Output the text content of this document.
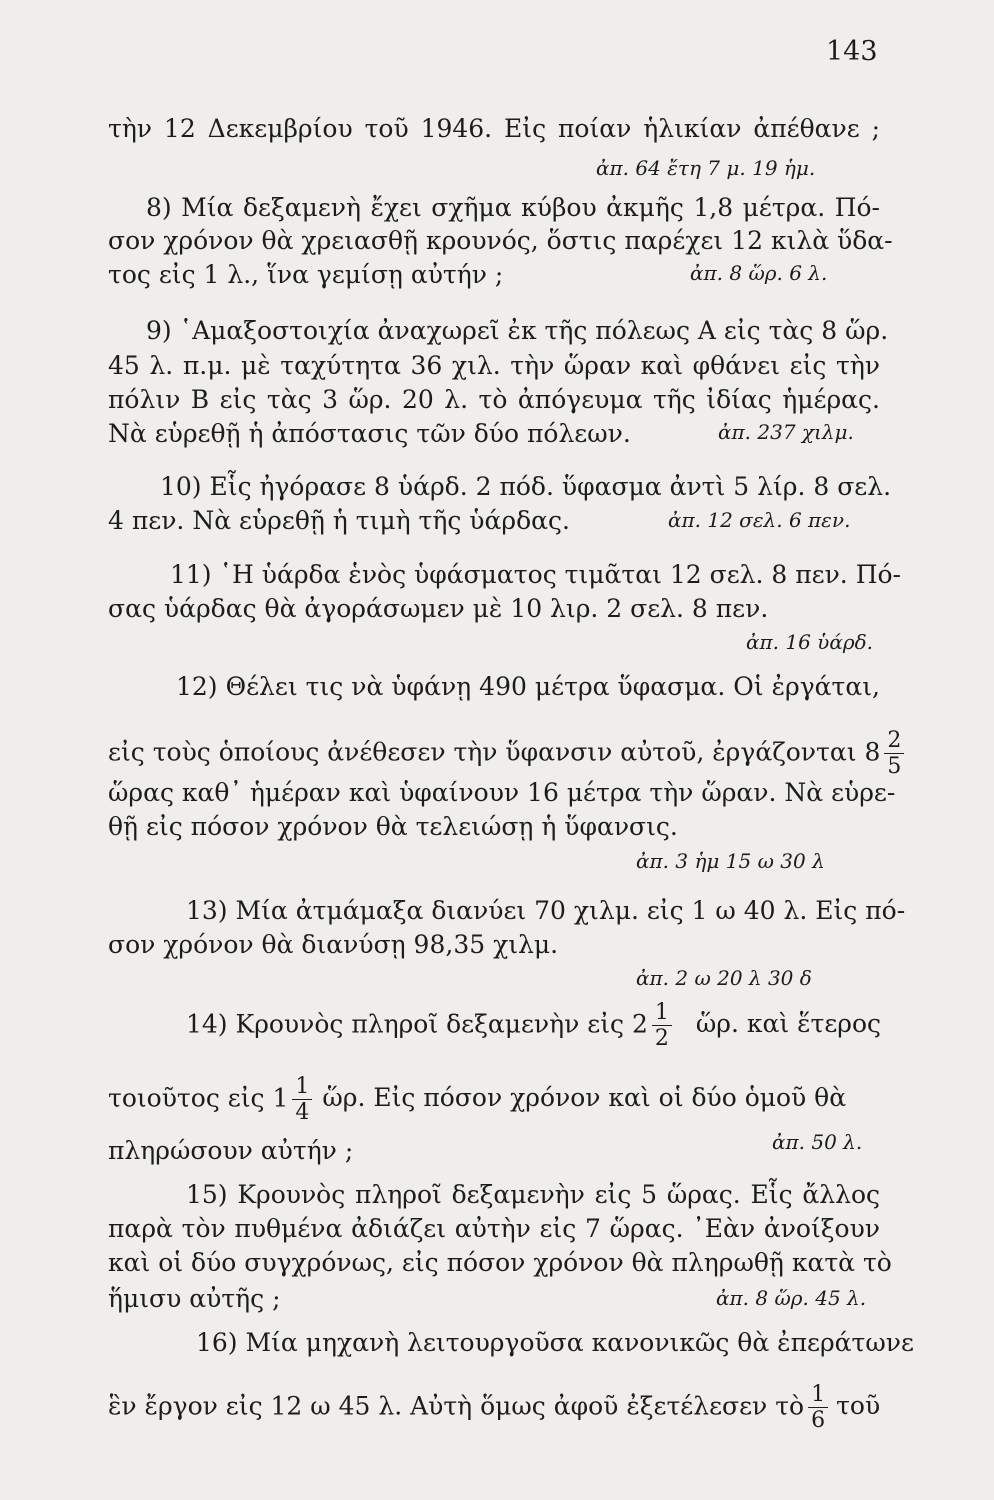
143
τὴν 12 Δεκεμβρίου τοῦ 1946. Εἰς ποίαν ἡλικίαν ἀπέθανε ;
ἀπ. 64 ἔτη 7 μ. 19 ἡμ.
8) Μία δεξαμενὴ ἔχει σχῆμα κύβου ἀκμῆς 1,8 μέτρα. Πό-
σον χρόνον θὰ χρειασθῇ κρουνός, ὅστις παρέχει 12 κιλὰ ὕδα-
τος εἰς 1 λ., ἵνα γεμίσῃ αὐτήν ;	ἀπ. 8 ὥρ. 6 λ.
9) ῾Αμαξοστοιχία ἀναχωρεῖ ἐκ τῆς πόλεως Α εἰς τὰς 8 ὥρ.
45 λ. π.μ. μὲ ταχύτητα 36 χιλ. τὴν ὥραν καὶ φθάνει εἰς τὴν
πόλιν Β εἰς τὰς 3 ὥρ. 20 λ. τὸ ἀπόγευμα τῆς ἰδίας ἡμέρας.
Νὰ εὑρεθῇ ἡ ἀπόστασις τῶν δύο πόλεων.	ἀπ. 237 χιλμ.
10) Εἷς ἠγόρασε 8 ὑάρδ. 2 πόδ. ὕφασμα ἀντὶ 5 λίρ. 8 σελ.
4 πεν. Νὰ εὑρεθῇ ἡ τιμὴ τῆς ὑάρδας.	ἀπ. 12 σελ. 6 πεν.
11) ῾Η ὑάρδα ἑνὸς ὑφάσματος τιμᾶται 12 σελ. 8 πεν. Πό-
σας ὑάρδας θὰ ἀγοράσωμεν μὲ 10 λιρ. 2 σελ. 8 πεν.
ἀπ. 16 ὑάρδ.
12) Θέλει τις νὰ ὑφάνῃ 490 μέτρα ὕφασμα. Οἱ ἐργάται,
εἰς τοὺς ὁποίους ἀνέθεσεν τὴν ὕφανσιν αὐτοῦ, ἐργάζονται $8 \frac{2}{5}$
ὥρας καθ᾿ ἡμέραν καὶ ὑφαίνουν 16 μέτρα τὴν ὥραν. Νὰ εὑρε-
θῇ εἰς πόσον χρόνον θὰ τελειώσῃ ἡ ὕφανσις.
ἀπ. 3 ἡμ 15 ω 30 λ
13) Μία ἀτμάμαξα διανύει 70 χιλμ. εἰς 1 ω 40 λ. Εἰς πό-
σον χρόνον θὰ διανύσῃ 98,35 χιλμ.
ἀπ. 2 ω 20 λ 30 δ
14) Κρουνὸς πληροῖ δεξαμενὴν εἰς $2 \frac{1}{2}$ ὥρ. καὶ ἕτερος
τοιοῦτος εἰς $1 \frac{1}{4}$ ὥρ. Εἰς πόσον χρόνον καὶ οἱ δύο ὁμοῦ θὰ
πληρώσουν αὐτήν ;	ἀπ. 50 λ.
15) Κρουνὸς πληροῖ δεξαμενὴν εἰς 5 ὥρας. Εἷς ἄλλος
παρὰ τὸν πυθμένα ἀδιάζει αὐτὴν εἰς 7 ὥρας. ᾿Εὰν ἀνοίξουν
καὶ οἱ δύο συγχρόνως, εἰς πόσον χρόνον θὰ πληρωθῇ κατὰ τὸ
ἥμισυ αὐτῆς ;	ἀπ. 8 ὥρ. 45 λ.
16) Μία μηχανὴ λειτουργοῦσα κανονικῶς θὰ ἐπεράτωνε
ἓν ἔργον εἰς 12 ω 45 λ. Αὐτὴ ὅμως ἀφοῦ ἐξετέλεσεν τὸ $\frac{1}{6}$ τοῦ
